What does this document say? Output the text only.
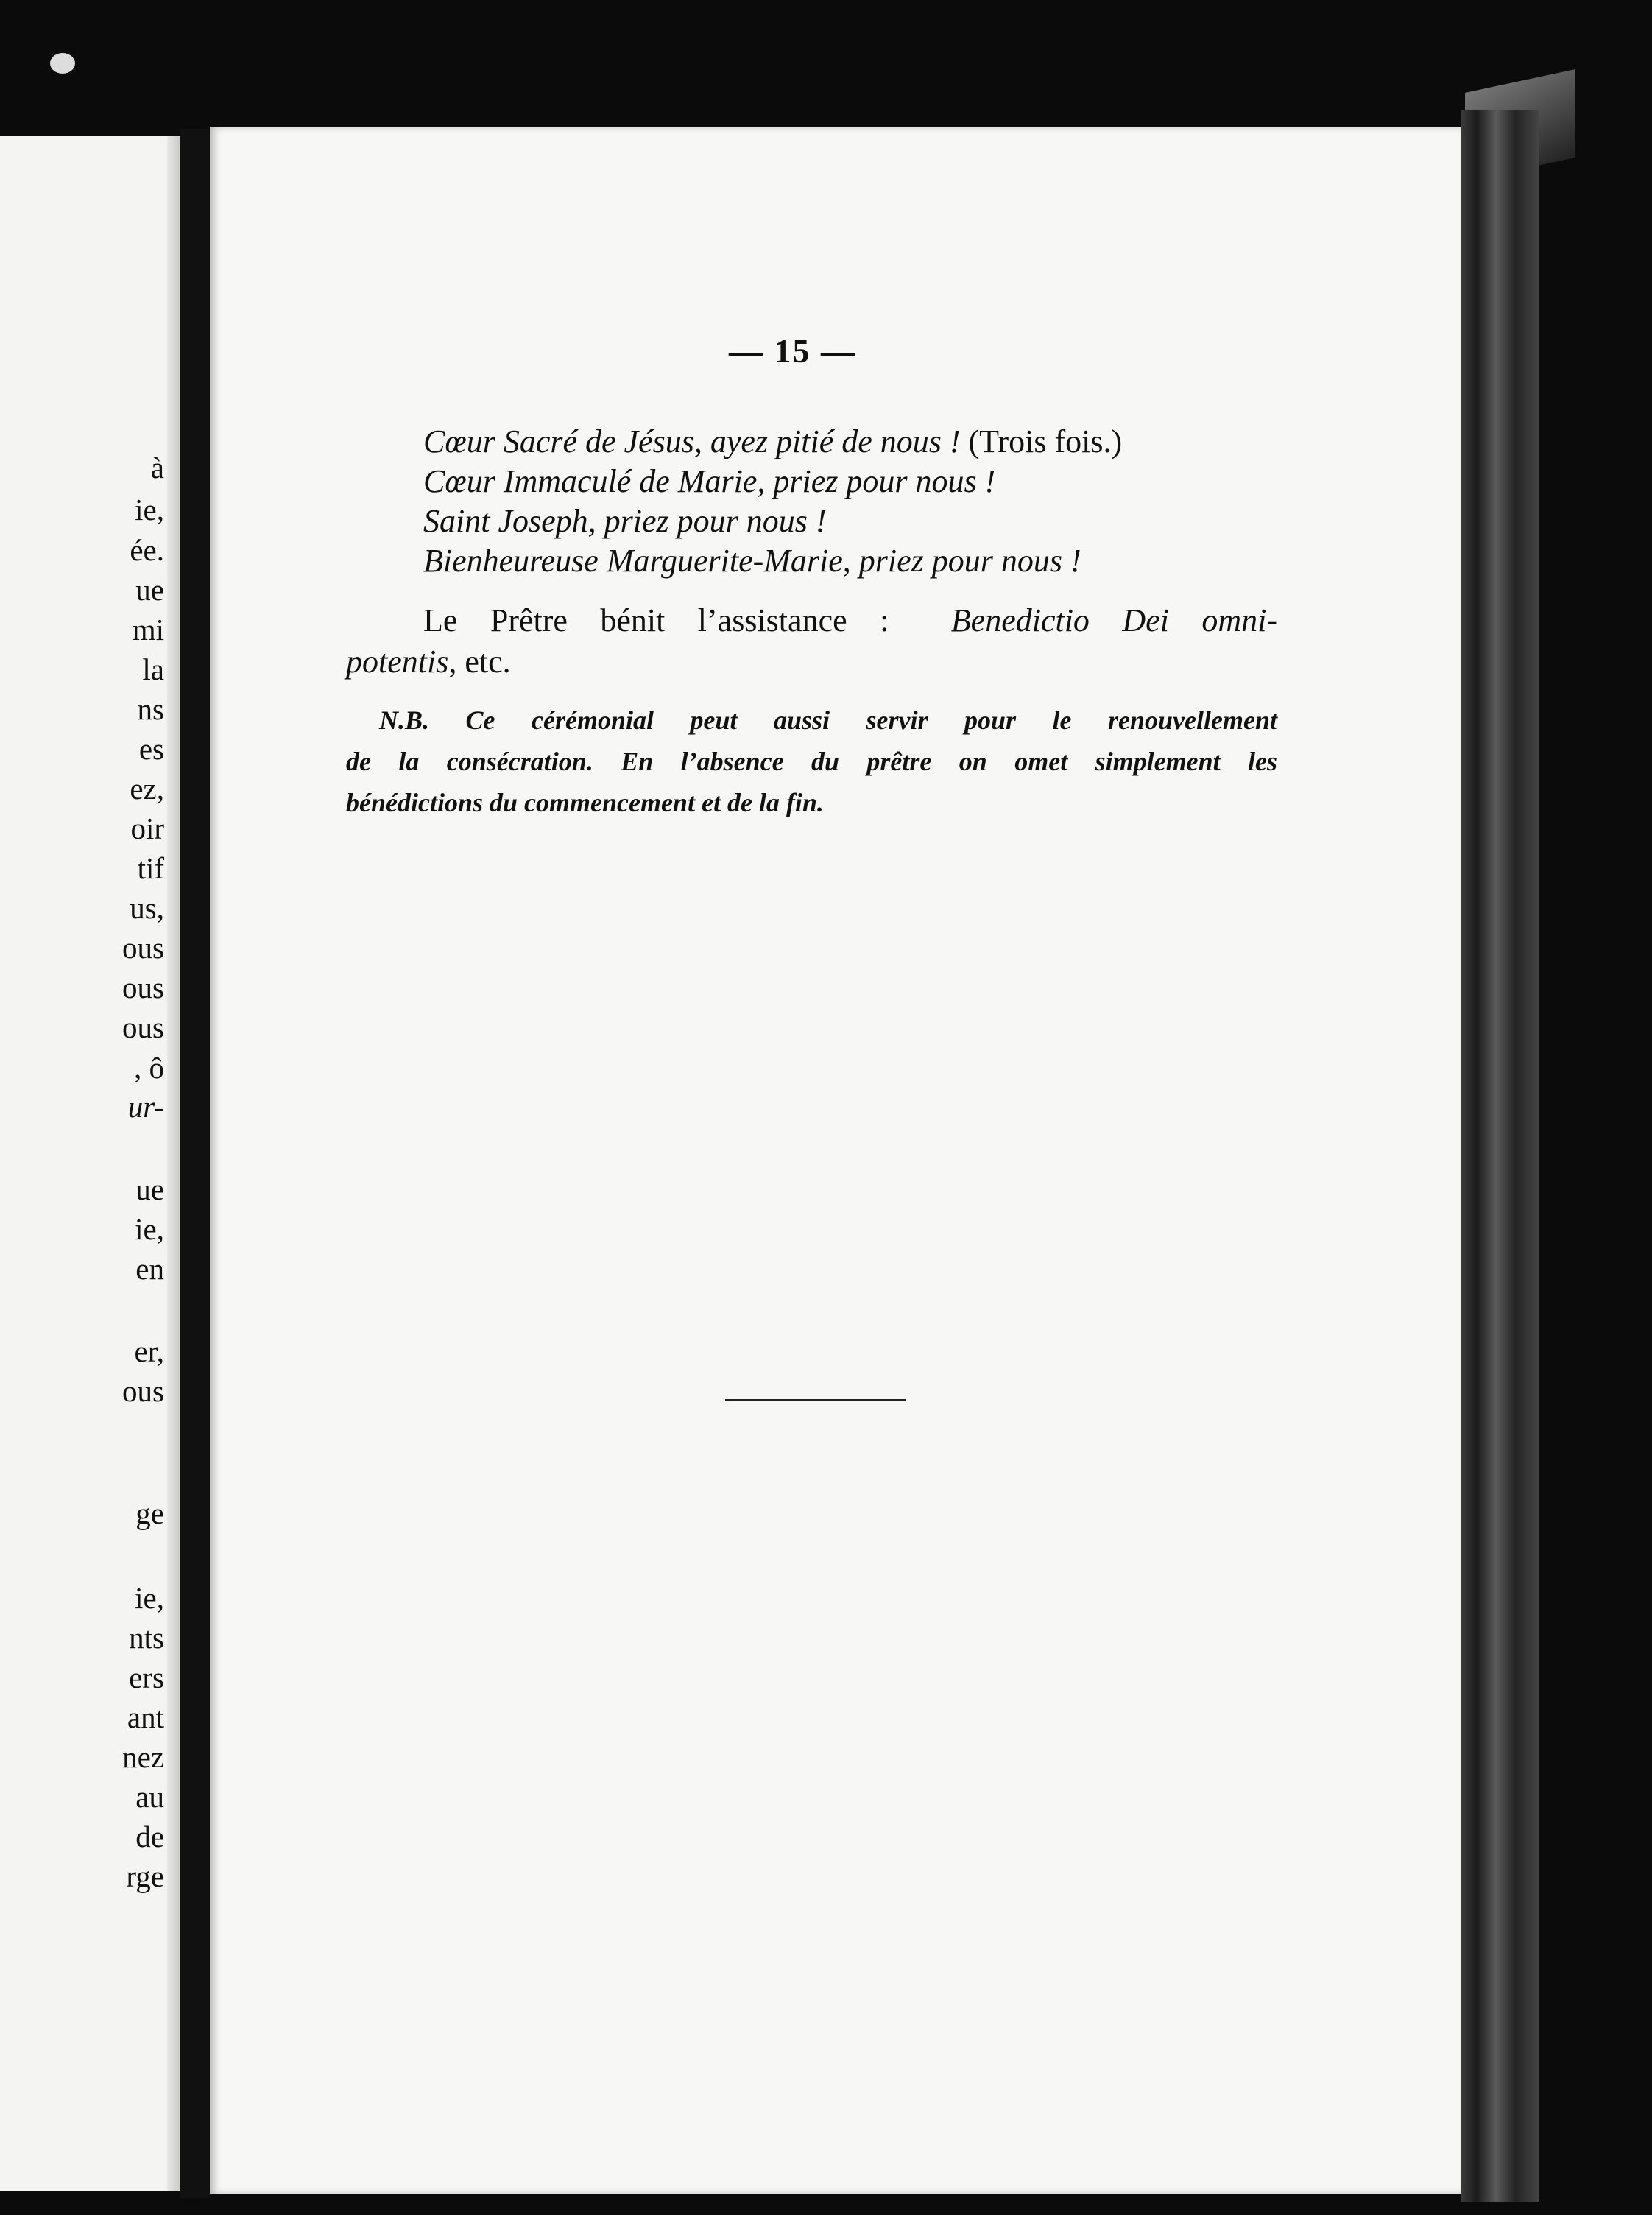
à
ie,
ée.
ue
mi
la
ns
es
ez,
oir
tif
us,
ous
ous
ous
, ô
ur-
ue
ie,
en
er,
ous
ge
ie,
nts
ers
ant
nez
au
de
rge
— 15 —
Cœur Sacré de Jésus, ayez pitié de nous ! (Trois fois.)
Cœur Immaculé de Marie, priez pour nous !
Saint Joseph, priez pour nous !
Bienheureuse Marguerite-Marie, priez pour nous !
Le Prêtre bénit l’assistance : Benedictio Dei omni-
potentis, etc.
N.B. Ce cérémonial peut aussi servir pour le renouvellement
de la consécration. En l’absence du prêtre on omet simplement les
bénédictions du commencement et de la fin.
